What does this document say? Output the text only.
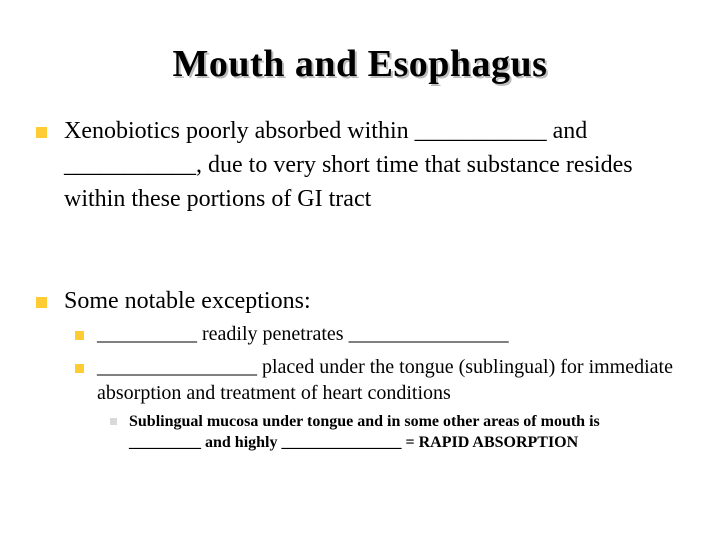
Mouth and Esophagus
Xenobiotics poorly absorbed within ___________ and ___________, due to very short time that substance resides within these portions of GI tract
Some notable exceptions:
__________ readily penetrates ________________
________________ placed under the tongue (sublingual) for immediate absorption and treatment of heart conditions
Sublingual mucosa under tongue and in some other areas of mouth is _________ and highly _______________ = RAPID ABSORPTION
